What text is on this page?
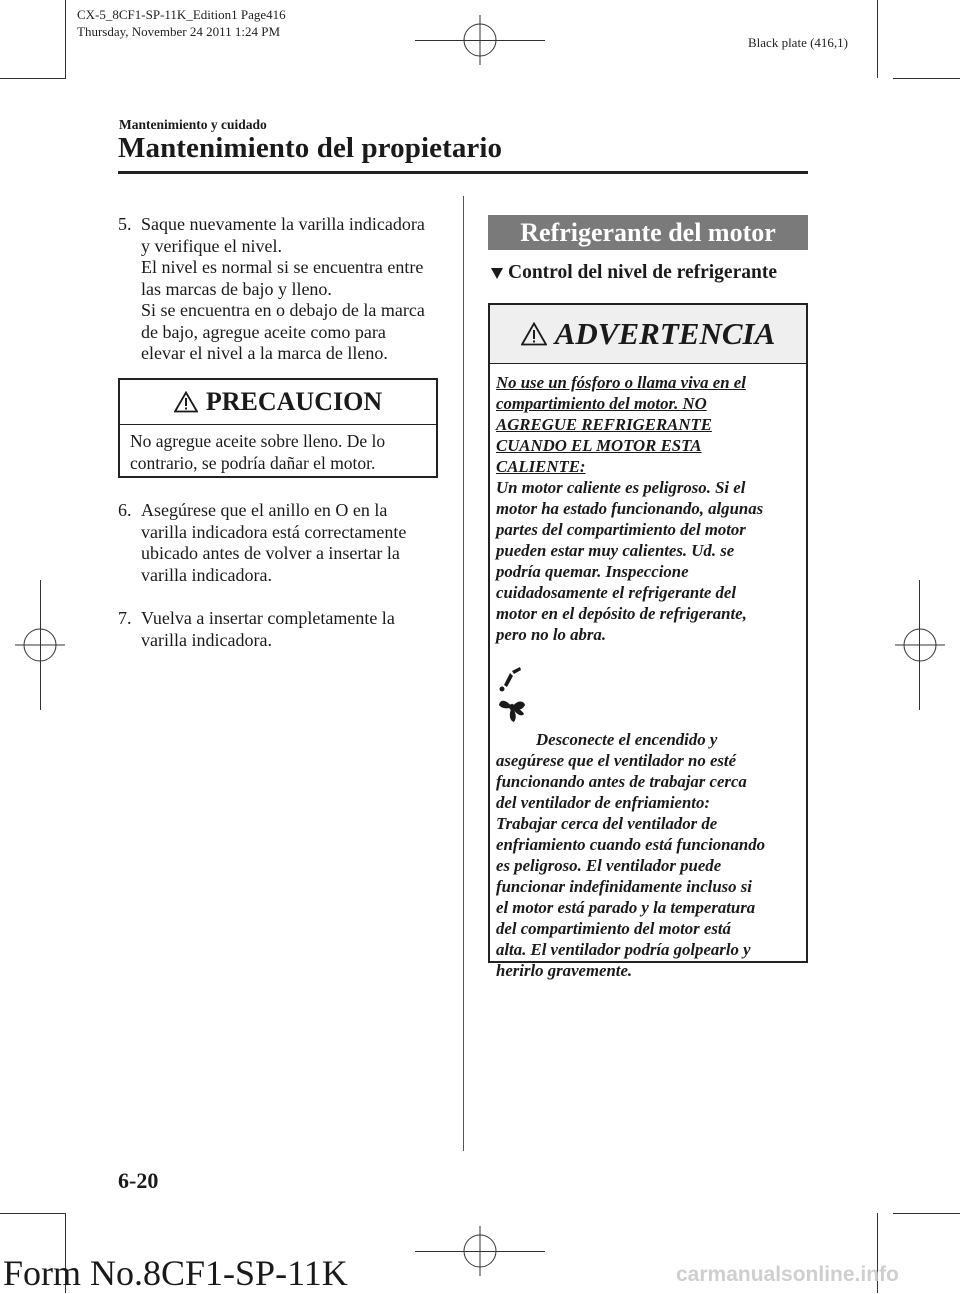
CX-5_8CF1-SP-11K_Edition1 Page416
Thursday, November 24 2011 1:24 PM
Black plate (416,1)
Mantenimiento y cuidado
Mantenimiento del propietario

5. Saque nuevamente la varilla indicadora
y verifique el nivel.
El nivel es normal si se encuentra entre
las marcas de bajo y lleno.
Si se encuentra en o debajo de la marca
de bajo, agregue aceite como para
elevar el nivel a la marca de lleno.

PRECAUCION
No agregue aceite sobre lleno. De lo
contrario, se podría dañar el motor.

6. Asegúrese que el anillo en O en la
varilla indicadora está correctamente
ubicado antes de volver a insertar la
varilla indicadora.

7. Vuelva a insertar completamente la
varilla indicadora.

Refrigerante del motor
Control del nivel de refrigerante
ADVERTENCIA

No use un fósforo o llama viva en el
compartimiento del motor. NO
AGREGUE REFRIGERANTE
CUANDO EL MOTOR ESTA
CALIENTE:

Un motor caliente es peligroso. Si el
motor ha estado funcionando, algunas
partes del compartimiento del motor
pueden estar muy calientes. Ud. se
podría quemar. Inspeccione
cuidadosamente el refrigerante del
motor en el depósito de refrigerante,
pero no lo abra.

Desconecte el encendido y
asegúrese que el ventilador no esté
funcionando antes de trabajar cerca
del ventilador de enfriamiento:

Trabajar cerca del ventilador de
enfriamiento cuando está funcionando
es peligroso. El ventilador puede
funcionar indefinidamente incluso si
el motor está parado y la temperatura
del compartimiento del motor está
alta. El ventilador podría golpearlo y
herirlo gravemente.

6-20
Form No.8CF1-SP-11K	carmanualsonline.info
